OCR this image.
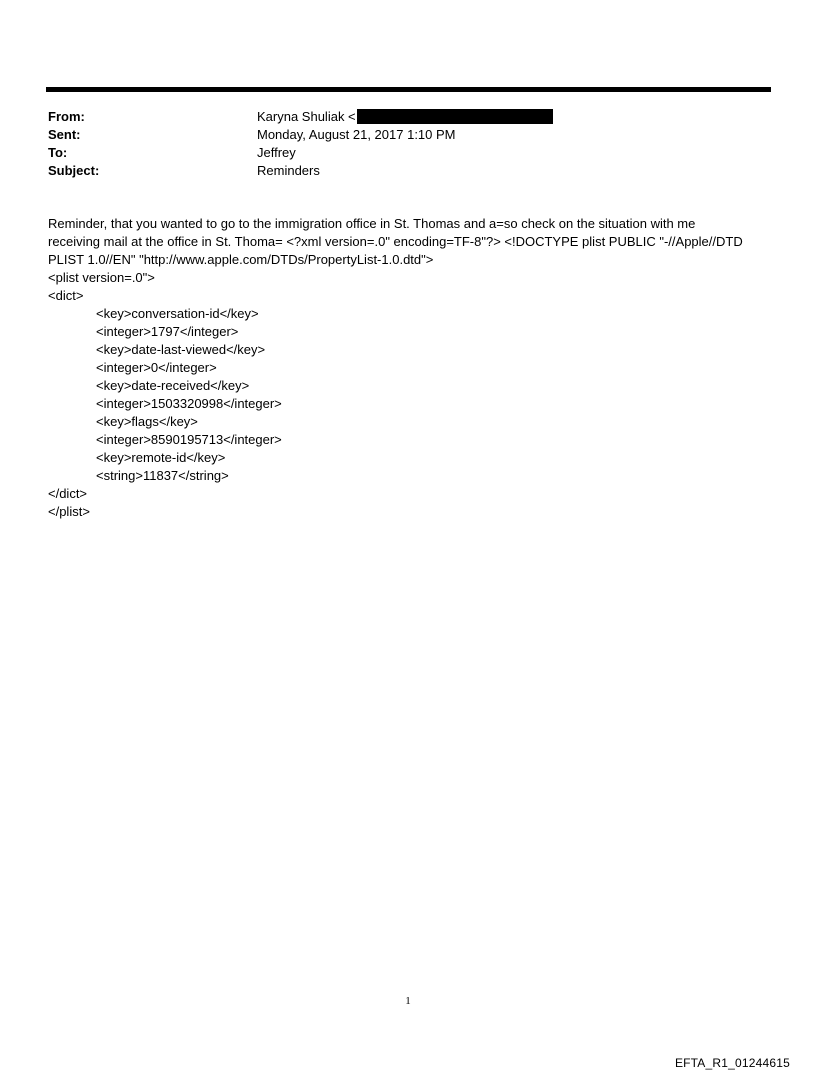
From:	Karyna Shuliak <
Sent:	Monday, August 21, 2017 1:10 PM
To:	Jeffrey
Subject:	Reminders
Reminder, that you wanted to go to the immigration office in St. Thomas and a=so check on the situation with me
receiving mail at the office in St. Thoma= <?xml version=.0" encoding=TF-8"?> <!DOCTYPE plist PUBLIC "-//Apple//DTD
PLIST 1.0//EN" "http://www.apple.com/DTDs/PropertyList-1.0.dtd">
<plist version=.0">
<dict>
<key>conversation-id</key>
<integer>1797</integer>
<key>date-last-viewed</key>
<integer>0</integer>
<key>date-received</key>
<integer>1503320998</integer>
<key>flags</key>
<integer>8590195713</integer>
<key>remote-id</key>
<string>11837</string>
</dict>
</plist>
1
EFTA_R1_01244615
